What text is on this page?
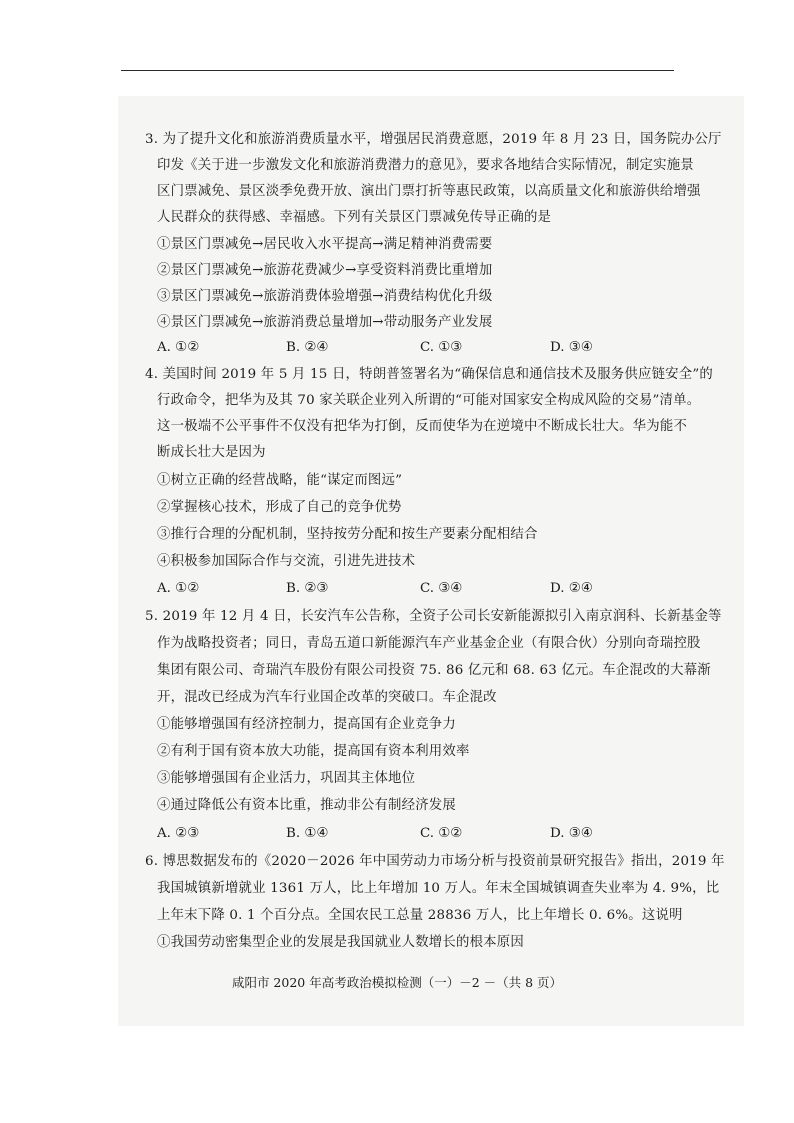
3. 为了提升文化和旅游消费质量水平，增强居民消费意愿，2019 年 8 月 23 日，国务院办公厅
印发《关于进一步激发文化和旅游消费潜力的意见》，要求各地结合实际情况，制定实施景
区门票减免、景区淡季免费开放、演出门票打折等惠民政策，以高质量文化和旅游供给增强
人民群众的获得感、幸福感。下列有关景区门票减免传导正确的是
①景区门票减免→居民收入水平提高→满足精神消费需要
②景区门票减免→旅游花费减少→享受资料消费比重增加
③景区门票减免→旅游消费体验增强→消费结构优化升级
④景区门票减免→旅游消费总量增加→带动服务产业发展
A. ①②	B. ②④	C. ①③	D. ③④
4. 美国时间 2019 年 5 月 15 日，特朗普签署名为“确保信息和通信技术及服务供应链安全”的
行政命令，把华为及其 70 家关联企业列入所谓的“可能对国家安全构成风险的交易”清单。
这一极端不公平事件不仅没有把华为打倒，反而使华为在逆境中不断成长壮大。华为能不
断成长壮大是因为
①树立正确的经营战略，能“谋定而图远”
②掌握核心技术，形成了自己的竞争优势
③推行合理的分配机制，坚持按劳分配和按生产要素分配相结合
④积极参加国际合作与交流，引进先进技术
A. ①②	B. ②③	C. ③④	D. ②④
5. 2019 年 12 月 4 日，长安汽车公告称，全资子公司长安新能源拟引入南京润科、长新基金等
作为战略投资者；同日，青岛五道口新能源汽车产业基金企业（有限合伙）分别向奇瑞控股
集团有限公司、奇瑞汽车股份有限公司投资 75. 86 亿元和 68. 63 亿元。车企混改的大幕渐
开，混改已经成为汽车行业国企改革的突破口。车企混改
①能够增强国有经济控制力，提高国有企业竞争力
②有利于国有资本放大功能，提高国有资本利用效率
③能够增强国有企业活力，巩固其主体地位
④通过降低公有资本比重，推动非公有制经济发展
A. ②③	B. ①④	C. ①②	D. ③④
6. 博思数据发布的《2020－2026 年中国劳动力市场分析与投资前景研究报告》指出，2019 年
我国城镇新增就业 1361 万人，比上年增加 10 万人。年末全国城镇调查失业率为 4. 9%，比
上年末下降 0. 1 个百分点。全国农民工总量 28836 万人，比上年增长 0. 6%。这说明
①我国劳动密集型企业的发展是我国就业人数增长的根本原因
咸阳市 2020 年高考政治模拟检测（一）－2 －（共 8 页）
